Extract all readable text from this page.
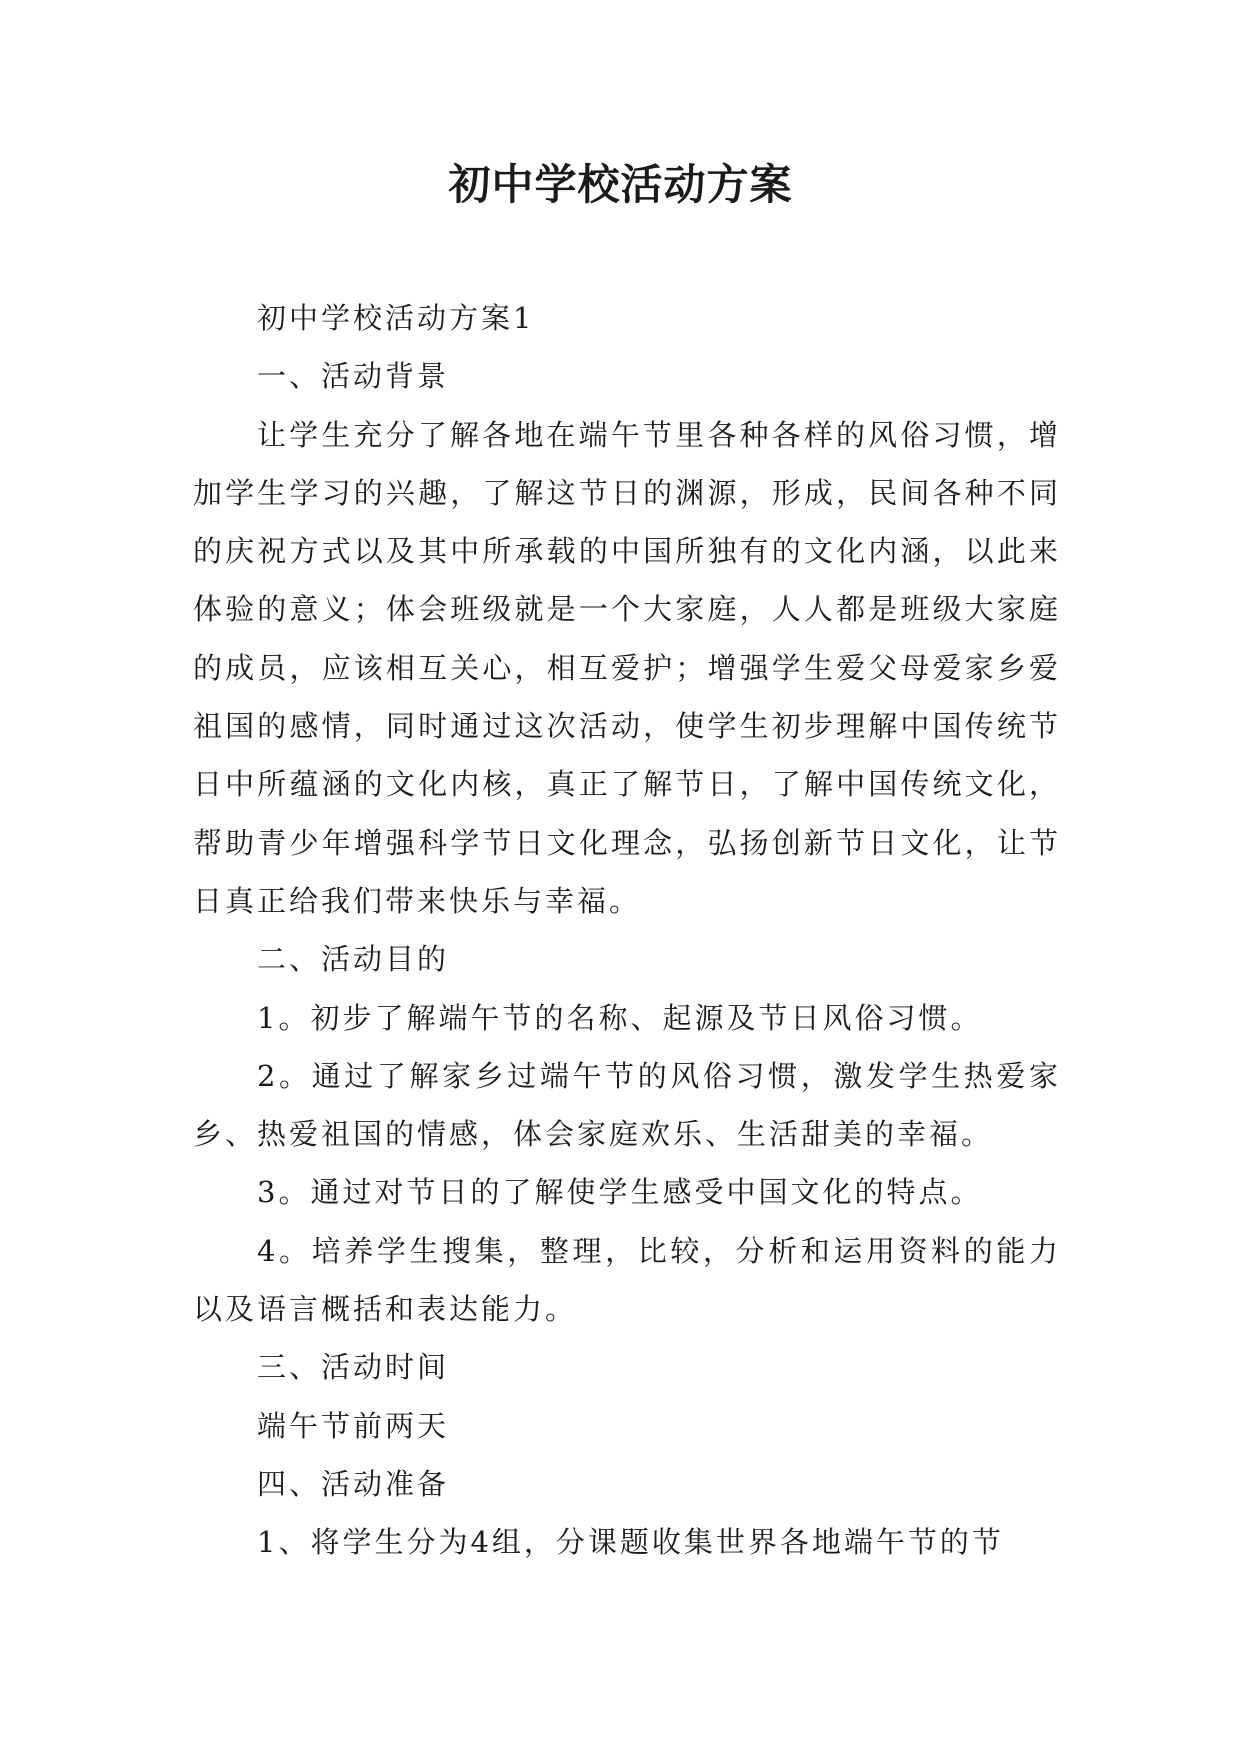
初中学校活动方案

初中学校活动方案1

一、活动背景

让学生充分了解各地在端午节里各种各样的风俗习惯，增加学生学习的兴趣，了解这节日的渊源，形成，民间各种不同的庆祝方式以及其中所承载的中国所独有的文化内涵，以此来体验的意义；体会班级就是一个大家庭，人人都是班级大家庭的成员，应该相互关心，相互爱护；增强学生爱父母爱家乡爱祖国的感情，同时通过这次活动，使学生初步理解中国传统节日中所蕴涵的文化内核，真正了解节日，了解中国传统文化，帮助青少年增强科学节日文化理念，弘扬创新节日文化，让节日真正给我们带来快乐与幸福。

二、活动目的

1。初步了解端午节的名称、起源及节日风俗习惯。

2。通过了解家乡过端午节的风俗习惯，激发学生热爱家乡、热爱祖国的情感，体会家庭欢乐、生活甜美的幸福。

3。通过对节日的了解使学生感受中国文化的特点。

4。培养学生搜集，整理，比较，分析和运用资料的能力以及语言概括和表达能力。

三、活动时间

端午节前两天

四、活动准备

1、将学生分为4组，分课题收集世界各地端午节的节
